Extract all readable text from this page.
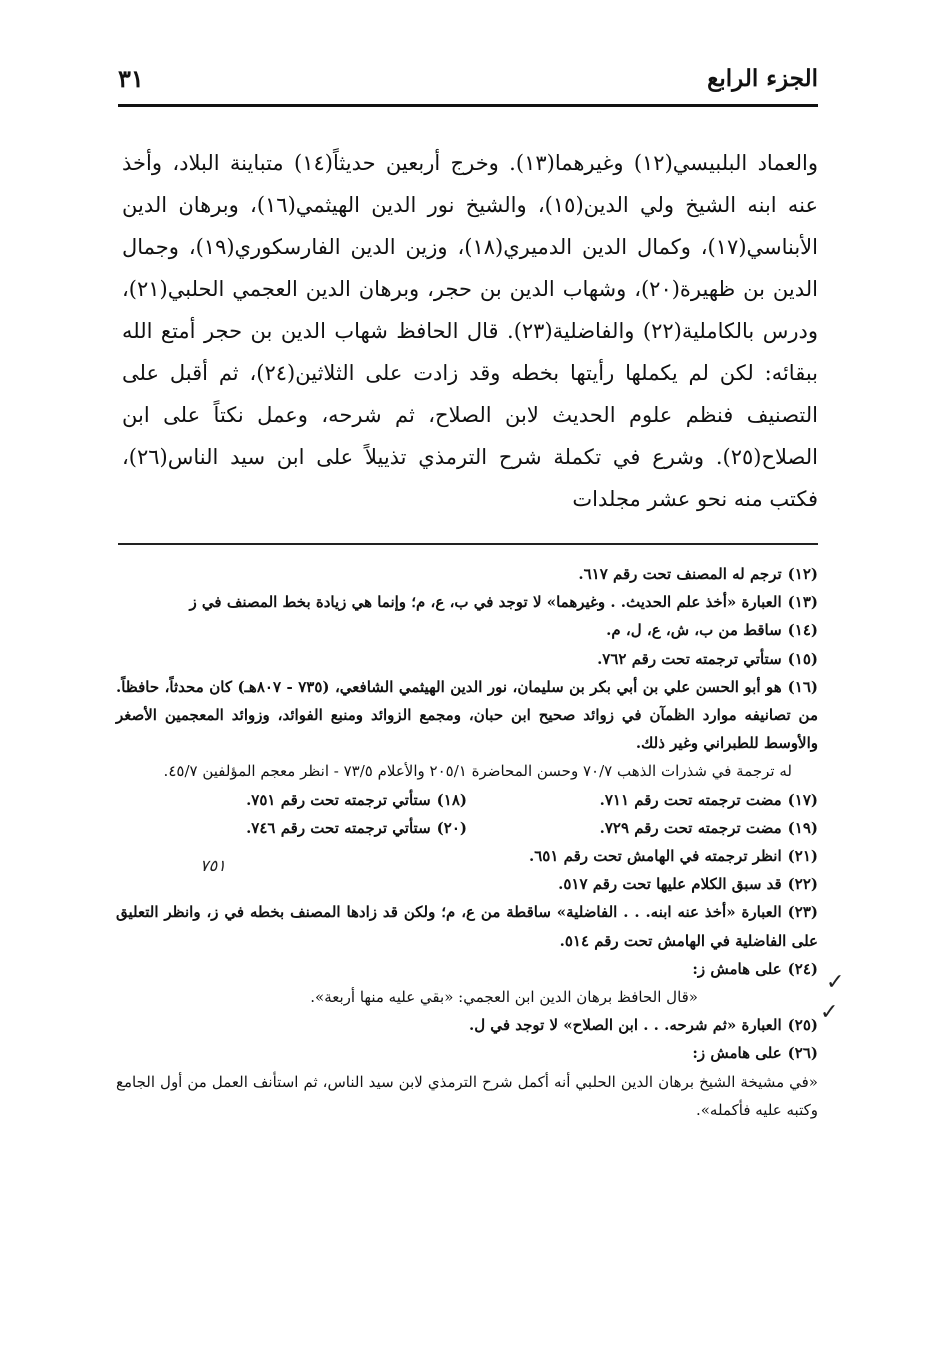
الجزء الرابع
٣١

والعماد البلبيسي(١٢) وغيرهما(١٣). وخرج أربعين حديثاً(١٤) متباينة البلاد، وأخذ عنه ابنه الشيخ ولي الدين(١٥)، والشيخ نور الدين الهيثمي(١٦)، وبرهان الدين الأبناسي(١٧)، وكمال الدين الدميري(١٨)، وزين الدين الفارسكوري(١٩)، وجمال الدين بن ظهيرة(٢٠)، وشهاب الدين بن حجر، وبرهان الدين العجمي الحلبي(٢١)، ودرس بالكاملية(٢٢) والفاضلية(٢٣). قال الحافظ شهاب الدين بن حجر أمتع الله ببقائه: لكن لم يكملها رأيتها بخطه وقد زادت على الثلاثين(٢٤)، ثم أقبل على التصنيف فنظم علوم الحديث لابن الصلاح، ثم شرحه، وعمل نكتاً على ابن الصلاح(٢٥). وشرع في تكملة شرح الترمذي تذييلاً على ابن سيد الناس(٢٦)، فكتب منه نحو عشر مجلدات

(١٢)ترجم له المصنف تحت رقم ٦١٧.

(١٣)العبارة «أخذ علم الحديث. . وغيرهما» لا توجد في ب، ع، م؛ وإنما هي زيادة بخط المصنف في ز

(١٤)ساقط من ب، ش، ع، ل، م.

(١٥)ستأتي ترجمته تحت رقم ٧٦٢.

(١٦)هو أبو الحسن علي بن أبي بكر بن سليمان، نور الدين الهيثمي الشافعي، (٧٣٥ - ٨٠٧هـ) كان محدثاً، حافظاً. من تصانيفه موارد الظمآن في زوائد صحيح ابن حبان، ومجمع الزوائد ومنبع الفوائد، وزوائد المعجمين الأصغر والأوسط للطبراني وغير ذلك.

له ترجمة في شذرات الذهب ٧٠/٧ وحسن المحاضرة ٢٠٥/١ والأعلام ٧٣/٥ - انظر معجم المؤلفين ٤٥/٧.

(١٧)مضت ترجمته تحت رقم ٧١١.
(١٨)ستأتي ترجمته تحت رقم ٧٥١.
(١٩)مضت ترجمته تحت رقم ٧٢٩.
(٢٠)ستأتي ترجمته تحت رقم ٧٤٦.

(٢١)انظر ترجمته في الهامش تحت رقم ٦٥١.

(٢٢)قد سبق الكلام عليها تحت رقم ٥١٧.

(٢٣)العبارة «أخذ عنه ابنه. . . الفاضلية» ساقطة من ع، م؛ ولكن قد زادها المصنف بخطه في ز، وانظر التعليق على الفاضلية في الهامش تحت رقم ٥١٤.

(٢٤)على هامش ز:

«قال الحافظ برهان الدين ابن العجمي: «بقي عليه منها أربعة».

(٢٥)العبارة «ثم شرحه. . . ابن الصلاح» لا توجد في ل.

(٢٦)على هامش ز:

«في مشيخة الشيخ برهان الدين الحلبي أنه أكمل شرح الترمذي لابن سيد الناس، ثم استأنف العمل من أول الجامع وكتبه عليه فأكمله».

٧٥١
✓
✓
